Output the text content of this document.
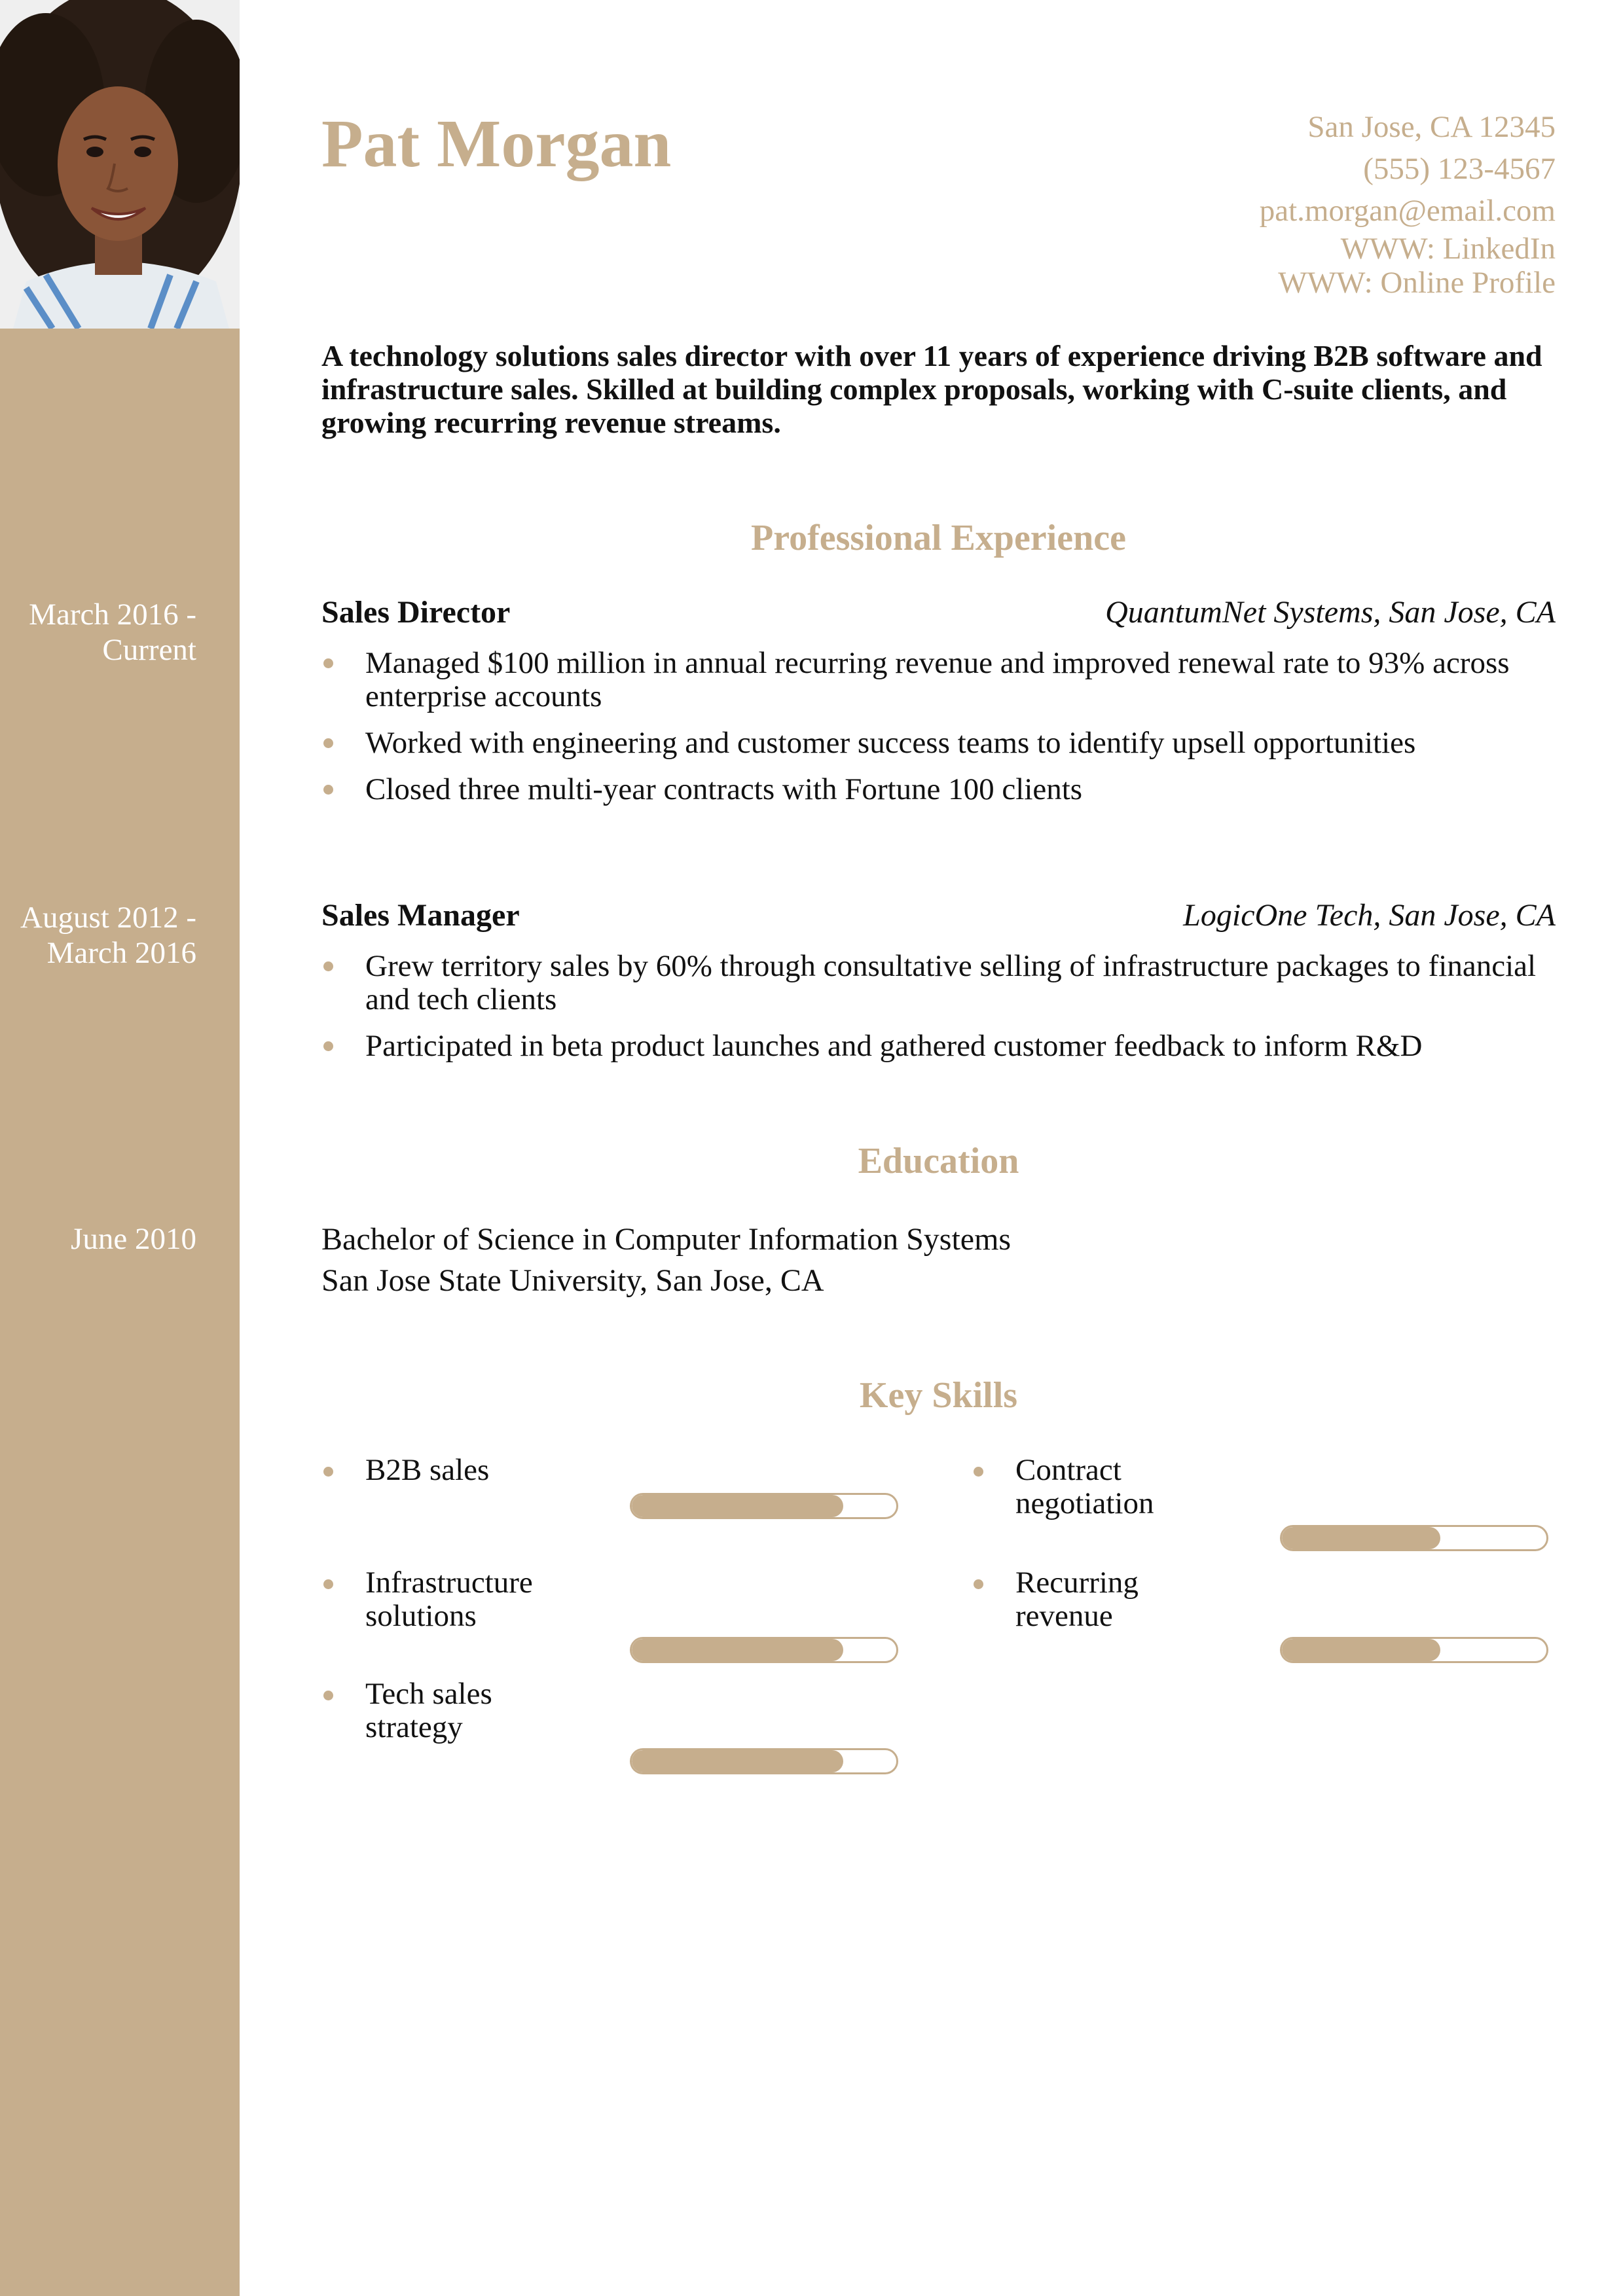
March 2016 - Current
August 2012 - March 2016
June 2010
Pat Morgan	San Jose, CA 12345
(555) 123-4567
pat.morgan@email.com
WWW: LinkedIn
WWW: Online Profile
A technology solutions sales director with over 11 years of experience driving B2B software and infrastructure sales. Skilled at building complex proposals, working with C-suite clients, and growing recurring revenue streams.
Professional Experience
Sales Director	QuantumNet Systems, San Jose, CA
Managed $100 million in annual recurring revenue and improved renewal rate to 93% across enterprise accounts
Worked with engineering and customer success teams to identify upsell opportunities
Closed three multi-year contracts with Fortune 100 clients
Sales Manager	LogicOne Tech, San Jose, CA
Grew territory sales by 60% through consultative selling of infrastructure packages to financial and tech clients
Participated in beta product launches and gathered customer feedback to inform R&D
Education
Bachelor of Science in Computer Information Systems
San Jose State University, San Jose, CA
Key Skills
B2B sales	Contract negotiation
Infrastructure solutions
Recurring revenue
Tech sales strategy
